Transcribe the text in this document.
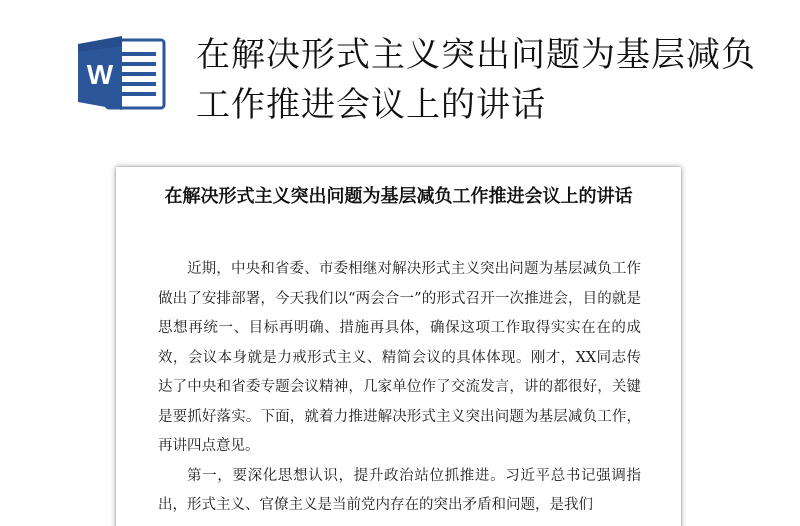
W 在解决形式主义突出问题为基层减负工作推进会议上的讲话
在解决形式主义突出问题为基层减负工作推进会议上的讲话

近期，中央和省委、市委相继对解决形式主义突出问题为基层减负工作做出了安排部署，今天我们以“两会合一”的形式召开一次推进会，目的就是思想再统一、目标再明确、措施再具体，确保这项工作取得实实在在的成效，会议本身就是力戒形式主义、精简会议的具体体现。刚才，XX同志传达了中央和省委专题会议精神，几家单位作了交流发言，讲的都很好，关键是要抓好落实。下面，就着力推进解决形式主义突出问题为基层减负工作，再讲四点意见。

第一，要深化思想认识，提升政治站位抓推进。习近平总书记强调指出，形式主义、官僚主义是当前党内存在的突出矛盾和问题，是我们
